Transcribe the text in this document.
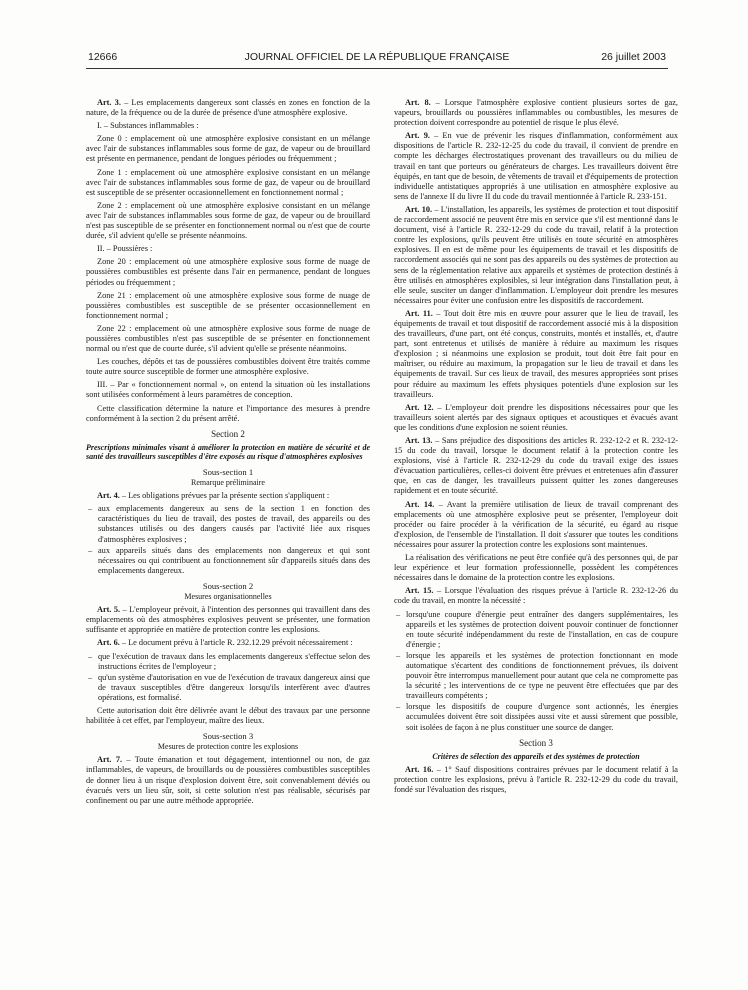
12666	JOURNAL OFFICIEL DE LA RÉPUBLIQUE FRANÇAISE	26 juillet 2003

Art. 3. – Les emplacements dangereux sont classés en zones en fonction de la nature, de la fréquence ou de la durée de présence d'une atmosphère explosive.

I. – Substances inflammables :

Zone 0 : emplacement où une atmosphère explosive consistant en un mélange avec l'air de substances inflammables sous forme de gaz, de vapeur ou de brouillard est présente en permanence, pendant de longues périodes ou fréquemment ;

Zone 1 : emplacement où une atmosphère explosive consistant en un mélange avec l'air de substances inflammables sous forme de gaz, de vapeur ou de brouillard est susceptible de se présenter occasionnellement en fonctionnement normal ;

Zone 2 : emplacement où une atmosphère explosive consistant en un mélange avec l'air de substances inflammables sous forme de gaz, de vapeur ou de brouillard n'est pas susceptible de se présenter en fonctionnement normal ou n'est que de courte durée, s'il advient qu'elle se présente néanmoins.

II. – Poussières :

Zone 20 : emplacement où une atmosphère explosive sous forme de nuage de poussières combustibles est présente dans l'air en permanence, pendant de longues périodes ou fréquemment ;

Zone 21 : emplacement où une atmosphère explosive sous forme de nuage de poussières combustibles est susceptible de se présenter occasionnellement en fonctionnement normal ;

Zone 22 : emplacement où une atmosphère explosive sous forme de nuage de poussières combustibles n'est pas susceptible de se présenter en fonctionnement normal ou n'est que de courte durée, s'il advient qu'elle se présente néanmoins.

Les couches, dépôts et tas de poussières combustibles doivent être traités comme toute autre source susceptible de former une atmosphère explosive.

III. – Par « fonctionnement normal », on entend la situation où les installations sont utilisées conformément à leurs paramètres de conception.

Cette classification détermine la nature et l'importance des mesures à prendre conformément à la section 2 du présent arrêté.

Section 2
Prescriptions minimales visant à améliorer la protection en matière de sécurité et de santé des travailleurs susceptibles d'être exposés au risque d'atmosphères explosives
Sous-section 1
Remarque préliminaire

Art. 4. – Les obligations prévues par la présente section s'appliquent :

– aux emplacements dangereux au sens de la section 1 en fonction des caractéristiques du lieu de travail, des postes de travail, des appareils ou des substances utilisés ou des dangers causés par l'activité liée aux risques d'atmosphères explosives ;
– aux appareils situés dans des emplacements non dangereux et qui sont nécessaires ou qui contribuent au fonctionnement sûr d'appareils situés dans des emplacements dangereux.
Sous-section 2
Mesures organisationnelles

Art. 5. – L'employeur prévoit, à l'intention des personnes qui travaillent dans des emplacements où des atmosphères explosives peuvent se présenter, une formation suffisante et appropriée en matière de protection contre les explosions.

Art. 6. – Le document prévu à l'article R. 232.12.29 prévoit nécessairement :

– que l'exécution de travaux dans les emplacements dangereux s'effectue selon des instructions écrites de l'employeur ;
– qu'un système d'autorisation en vue de l'exécution de travaux dangereux ainsi que de travaux susceptibles d'être dangereux lorsqu'ils interfèrent avec d'autres opérations, est formalisé.

Cette autorisation doit être délivrée avant le début des travaux par une personne habilitée à cet effet, par l'employeur, maître des lieux.

Sous-section 3
Mesures de protection contre les explosions

Art. 7. – Toute émanation et tout dégagement, intentionnel ou non, de gaz inflammables, de vapeurs, de brouillards ou de poussières combustibles susceptibles de donner lieu à un risque d'explosion doivent être, soit convenablement déviés ou évacués vers un lieu sûr, soit, si cette solution n'est pas réalisable, sécurisés par confinement ou par une autre méthode appropriée.

Art. 8. – Lorsque l'atmosphère explosive contient plusieurs sortes de gaz, vapeurs, brouillards ou poussières inflammables ou combustibles, les mesures de protection doivent correspondre au potentiel de risque le plus élevé.

Art. 9. – En vue de prévenir les risques d'inflammation, conformément aux dispositions de l'article R. 232-12-25 du code du travail, il convient de prendre en compte les décharges électrostatiques provenant des travailleurs ou du milieu de travail en tant que porteurs ou générateurs de charges. Les travailleurs doivent être équipés, en tant que de besoin, de vêtements de travail et d'équipements de protection individuelle antistatiques appropriés à une utilisation en atmosphère explosive au sens de l'annexe II du livre II du code du travail mentionnée à l'article R. 233-151.

Art. 10. – L'installation, les appareils, les systèmes de protection et tout dispositif de raccordement associé ne peuvent être mis en service que s'il est mentionné dans le document, visé à l'article R. 232-12-29 du code du travail, relatif à la protection contre les explosions, qu'ils peuvent être utilisés en toute sécurité en atmosphères explosives. Il en est de même pour les équipements de travail et les dispositifs de raccordement associés qui ne sont pas des appareils ou des systèmes de protection au sens de la réglementation relative aux appareils et systèmes de protection destinés à être utilisés en atmosphères explosibles, si leur intégration dans l'installation peut, à elle seule, susciter un danger d'inflammation. L'employeur doit prendre les mesures nécessaires pour éviter une confusion entre les dispositifs de raccordement.

Art. 11. – Tout doit être mis en œuvre pour assurer que le lieu de travail, les équipements de travail et tout dispositif de raccordement associé mis à la disposition des travailleurs, d'une part, ont été conçus, construits, montés et installés, et, d'autre part, sont entretenus et utilisés de manière à réduire au maximum les risques d'explosion ; si néanmoins une explosion se produit, tout doit être fait pour en maîtriser, ou réduire au maximum, la propagation sur le lieu de travail et dans les équipements de travail. Sur ces lieux de travail, des mesures appropriées sont prises pour réduire au maximum les effets physiques potentiels d'une explosion sur les travailleurs.

Art. 12. – L'employeur doit prendre les dispositions nécessaires pour que les travailleurs soient alertés par des signaux optiques et acoustiques et évacués avant que les conditions d'une explosion ne soient réunies.

Art. 13. – Sans préjudice des dispositions des articles R. 232-12-2 et R. 232-12-15 du code du travail, lorsque le document relatif à la protection contre les explosions, visé à l'article R. 232-12-29 du code du travail exige des issues d'évacuation particulières, celles-ci doivent être prévues et entretenues afin d'assurer que, en cas de danger, les travailleurs puissent quitter les zones dangereuses rapidement et en toute sécurité.

Art. 14. – Avant la première utilisation de lieux de travail comprenant des emplacements où une atmosphère explosive peut se présenter, l'employeur doit procéder ou faire procéder à la vérification de la sécurité, eu égard au risque d'explosion, de l'ensemble de l'installation. Il doit s'assurer que toutes les conditions nécessaires pour assurer la protection contre les explosions sont maintenues.

La réalisation des vérifications ne peut être confiée qu'à des personnes qui, de par leur expérience et leur formation professionnelle, possèdent les compétences nécessaires dans le domaine de la protection contre les explosions.

Art. 15. – Lorsque l'évaluation des risques prévue à l'article R. 232-12-26 du code du travail, en montre la nécessité :

– lorsqu'une coupure d'énergie peut entraîner des dangers supplémentaires, les appareils et les systèmes de protection doivent pouvoir continuer de fonctionner en toute sécurité indépendamment du reste de l'installation, en cas de coupure d'énergie ;
– lorsque les appareils et les systèmes de protection fonctionnant en mode automatique s'écartent des conditions de fonctionnement prévues, ils doivent pouvoir être interrompus manuellement pour autant que cela ne compromette pas la sécurité ; les interventions de ce type ne peuvent être effectuées que par des travailleurs compétents ;
– lorsque les dispositifs de coupure d'urgence sont actionnés, les énergies accumulées doivent être soit dissipées aussi vite et aussi sûrement que possible, soit isolées de façon à ne plus constituer une source de danger.
Section 3
Critères de sélection des appareils et des systèmes de protection

Art. 16. – 1° Sauf dispositions contraires prévues par le document relatif à la protection contre les explosions, prévu à l'article R. 232-12-29 du code du travail, fondé sur l'évaluation des risques,
